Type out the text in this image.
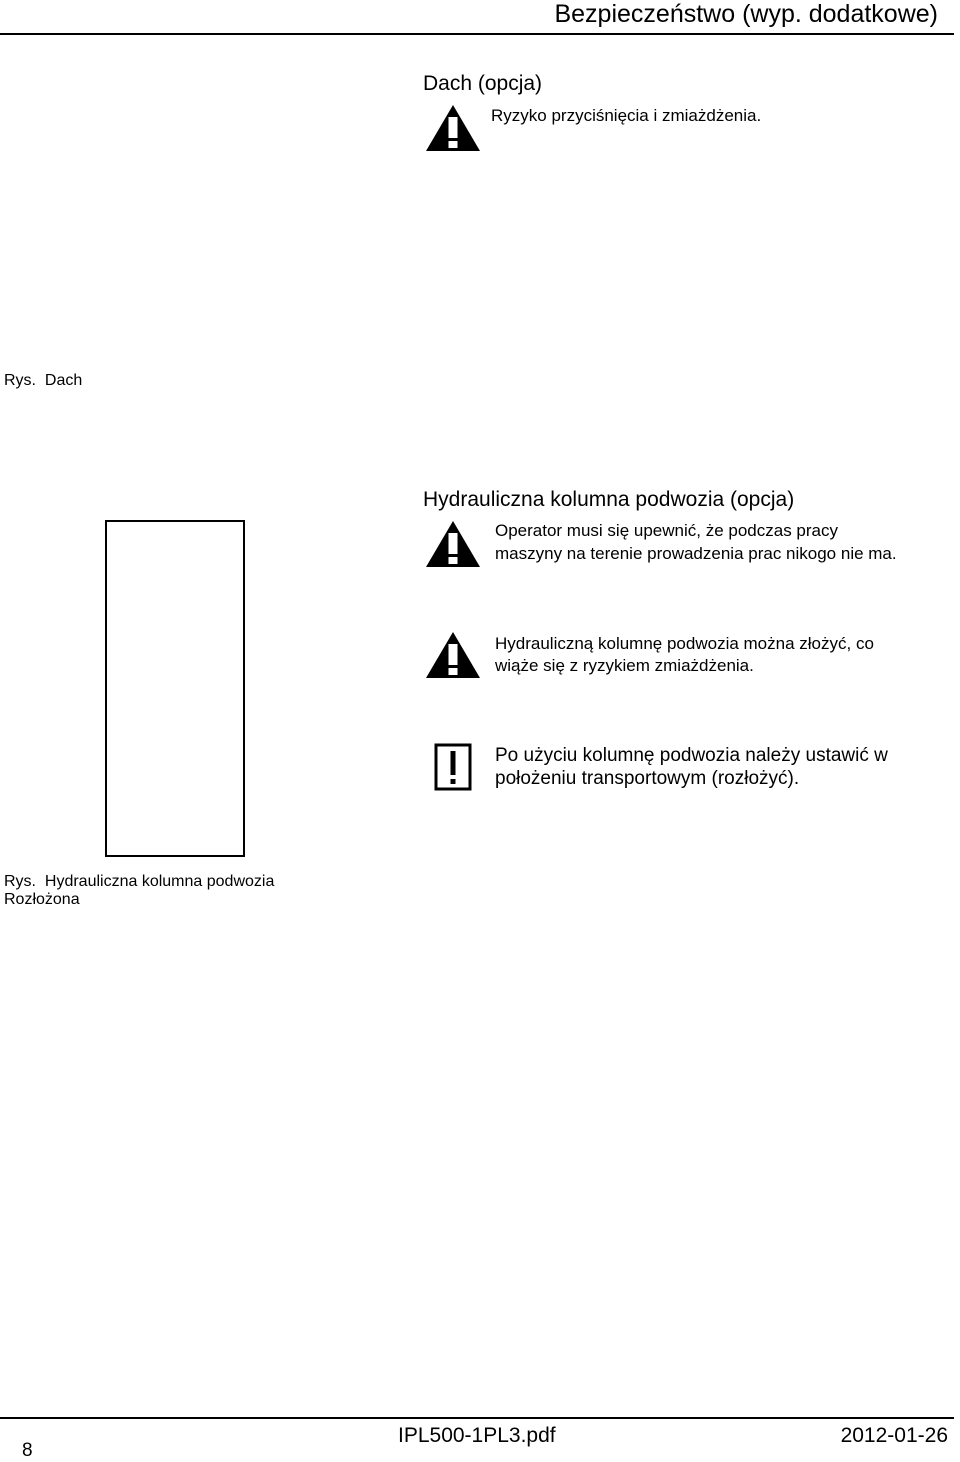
Bezpieczeństwo (wyp. dodatkowe)
Dach (opcja)
Ryzyko przyciśnięcia i zmiażdżenia.
Rys. Dach
Hydrauliczna kolumna podwozia (opcja)
Operator musi się upewnić, że podczas pracy
maszyny na terenie prowadzenia prac nikogo nie ma.
Hydrauliczną kolumnę podwozia można złożyć, co
wiąże się z ryzykiem zmiażdżenia.
Po użyciu kolumnę podwozia należy ustawić w
położeniu transportowym (rozłożyć).
Rys. Hydrauliczna kolumna podwozia
Rozłożona
8
IPL500-1PL3.pdf	2012-01-26
